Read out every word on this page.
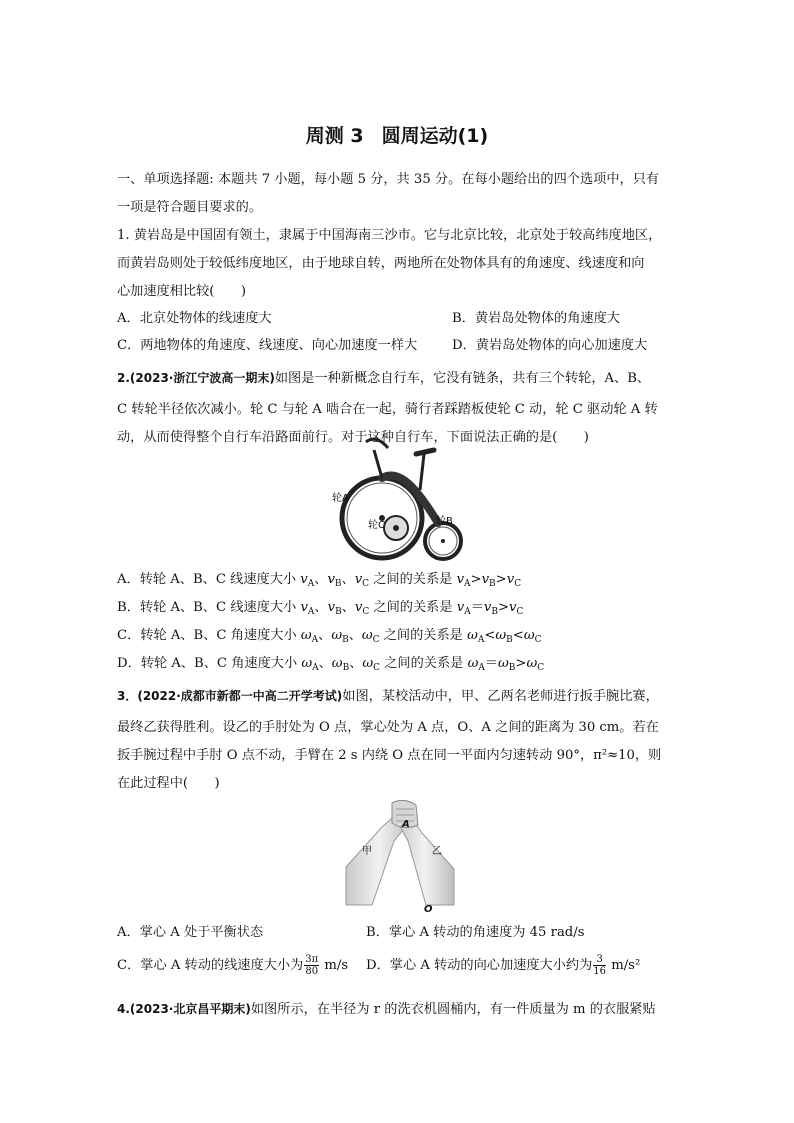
周测 3 圆周运动(1)
一、单项选择题: 本题共 7 小题，每小题 5 分，共 35 分。在每小题给出的四个选项中，只有
一项是符合题目要求的。
1. 黄岩岛是中国固有领土，隶属于中国海南三沙市。它与北京比较，北京处于较高纬度地区，
而黄岩岛则处于较低纬度地区，由于地球自转，两地所在处物体具有的角速度、线速度和向
心加速度相比较(　　)
A．北京处物体的线速度大	B．黄岩岛处物体的角速度大
C．两地物体的角速度、线速度、向心加速度一样大	D．黄岩岛处物体的向心加速度大
2.(2023·浙江宁波高一期末)如图是一种新概念自行车，它没有链条，共有三个转轮，A、B、
C 转轮半径依次减小。轮 C 与轮 A 啮合在一起，骑行者踩踏板使轮 C 动，轮 C 驱动轮 A 转
动，从而使得整个自行车沿路面前行。对于这种自行车，下面说法正确的是(　　)
轮A
轮B
轮C
A．转轮 A、B、C 线速度大小 $v_A$、$v_B$、$v_C$ 之间的关系是 $v_A>v_B>v_C$
B．转轮 A、B、C 线速度大小 $v_A$、$v_B$、$v_C$ 之间的关系是 $v_A=v_B>v_C$
C．转轮 A、B、C 角速度大小 $\omega_A$、$\omega_B$、$\omega_C$ 之间的关系是 $\omega_A<\omega_B<\omega_C$
D．转轮 A、B、C 角速度大小 $\omega_A$、$\omega_B$、$\omega_C$ 之间的关系是 $\omega_A=\omega_B>\omega_C$
3．(2022·成都市新都一中高二开学考试)如图，某校活动中，甲、乙两名老师进行扳手腕比赛，
最终乙获得胜利。设乙的手肘处为 O 点，掌心处为 A 点，O、A 之间的距离为 30 cm。若在
扳手腕过程中手肘 O 点不动，手臂在 2 s 内绕 O 点在同一平面内匀速转动 90°，π²≈10，则
在此过程中(　　)
甲	乙
A
O
A．掌心 A 处于平衡状态	B．掌心 A 转动的角速度为 45 rad/s
C．掌心 A 转动的线速度大小为 $\frac{3\pi}{80} m/s$ D．掌心 A 转动的向心加速度大小约为 $\frac{3}{16} m/s^2$
4.(2023·北京昌平期末)如图所示，在半径为 r 的洗衣机圆桶内，有一件质量为 m 的衣服紧贴
